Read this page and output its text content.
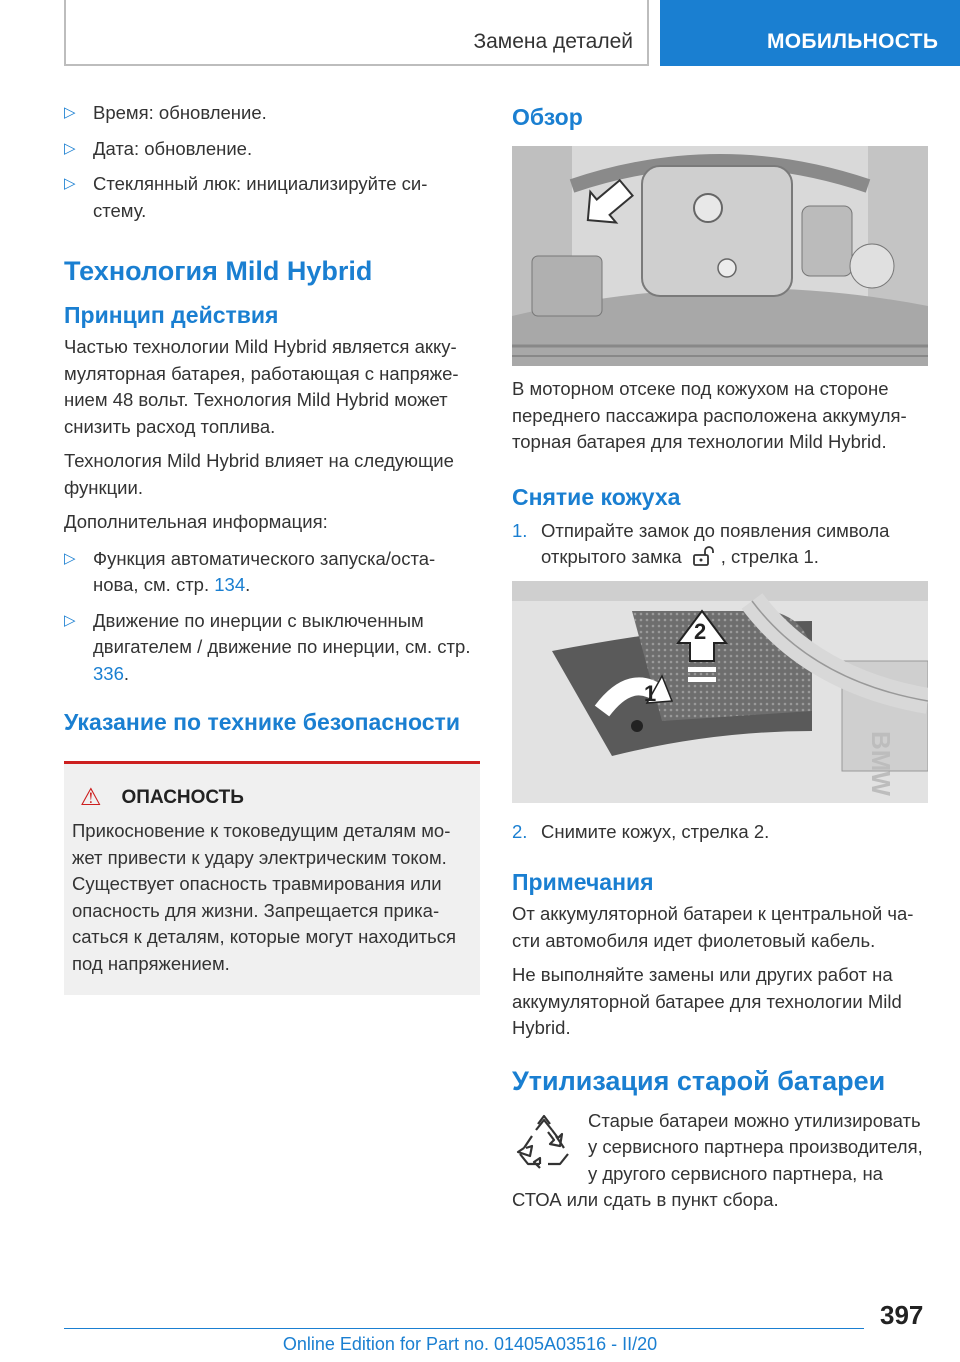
Замена деталей	МОБИЛЬНОСТЬ
▷ Время: обновление.
▷ Дата: обновление.
▷ Стеклянный люк: инициализируйте си-стему.
Технология Mild Hybrid
Принцип действия

Частью технологии Mild Hybrid является акку-муляторная батарея, работающая с напряже-нием 48 вольт. Технология Mild Hybrid может снизить расход топлива.

Технология Mild Hybrid влияет на следующие функции.

Дополнительная информация:

▷ Функция автоматического запуска/оста-нова, см. стр. 134.
▷ Движение по инерции с выключенным двигателем / движение по инерции, см. стр. 336.
Указание по технике безопасности
⚠ ОПАСНОСТЬ

Прикосновение к токоведущим деталям мо-жет привести к удару электрическим током. Существует опасность травмирования или опасность для жизни. Запрещается прика-саться к деталям, которые могут находиться под напряжением.

Обзор

В моторном отсеке под кожухом на стороне переднего пассажира расположена аккумуля-торная батарея для технологии Mild Hybrid.

Снятие кожуха
1. Отпирайте замок до появления символа открытого замка , стрелка 1.
2
1
BMW
2. Снимите кожух, стрелка 2.
Примечания

От аккумуляторной батареи к центральной ча-сти автомобиля идет фиолетовый кабель.

Не выполняйте замены или других работ на аккумуляторной батарее для технологии Mild Hybrid.

Утилизация старой батареи

Старые батареи можно утилизировать у сервисного партнера производителя, у другого сервисного партнера, на СТОА или сдать в пункт сбора.

397
Online Edition for Part no. 01405A03516 - II/20
